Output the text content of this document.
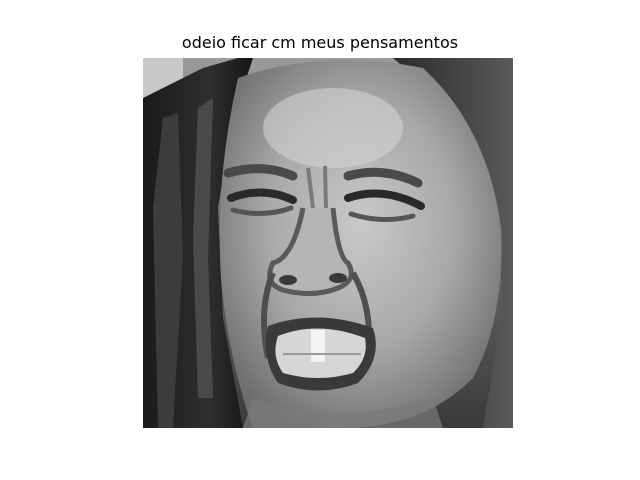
odeio ficar cm meus pensamentos
